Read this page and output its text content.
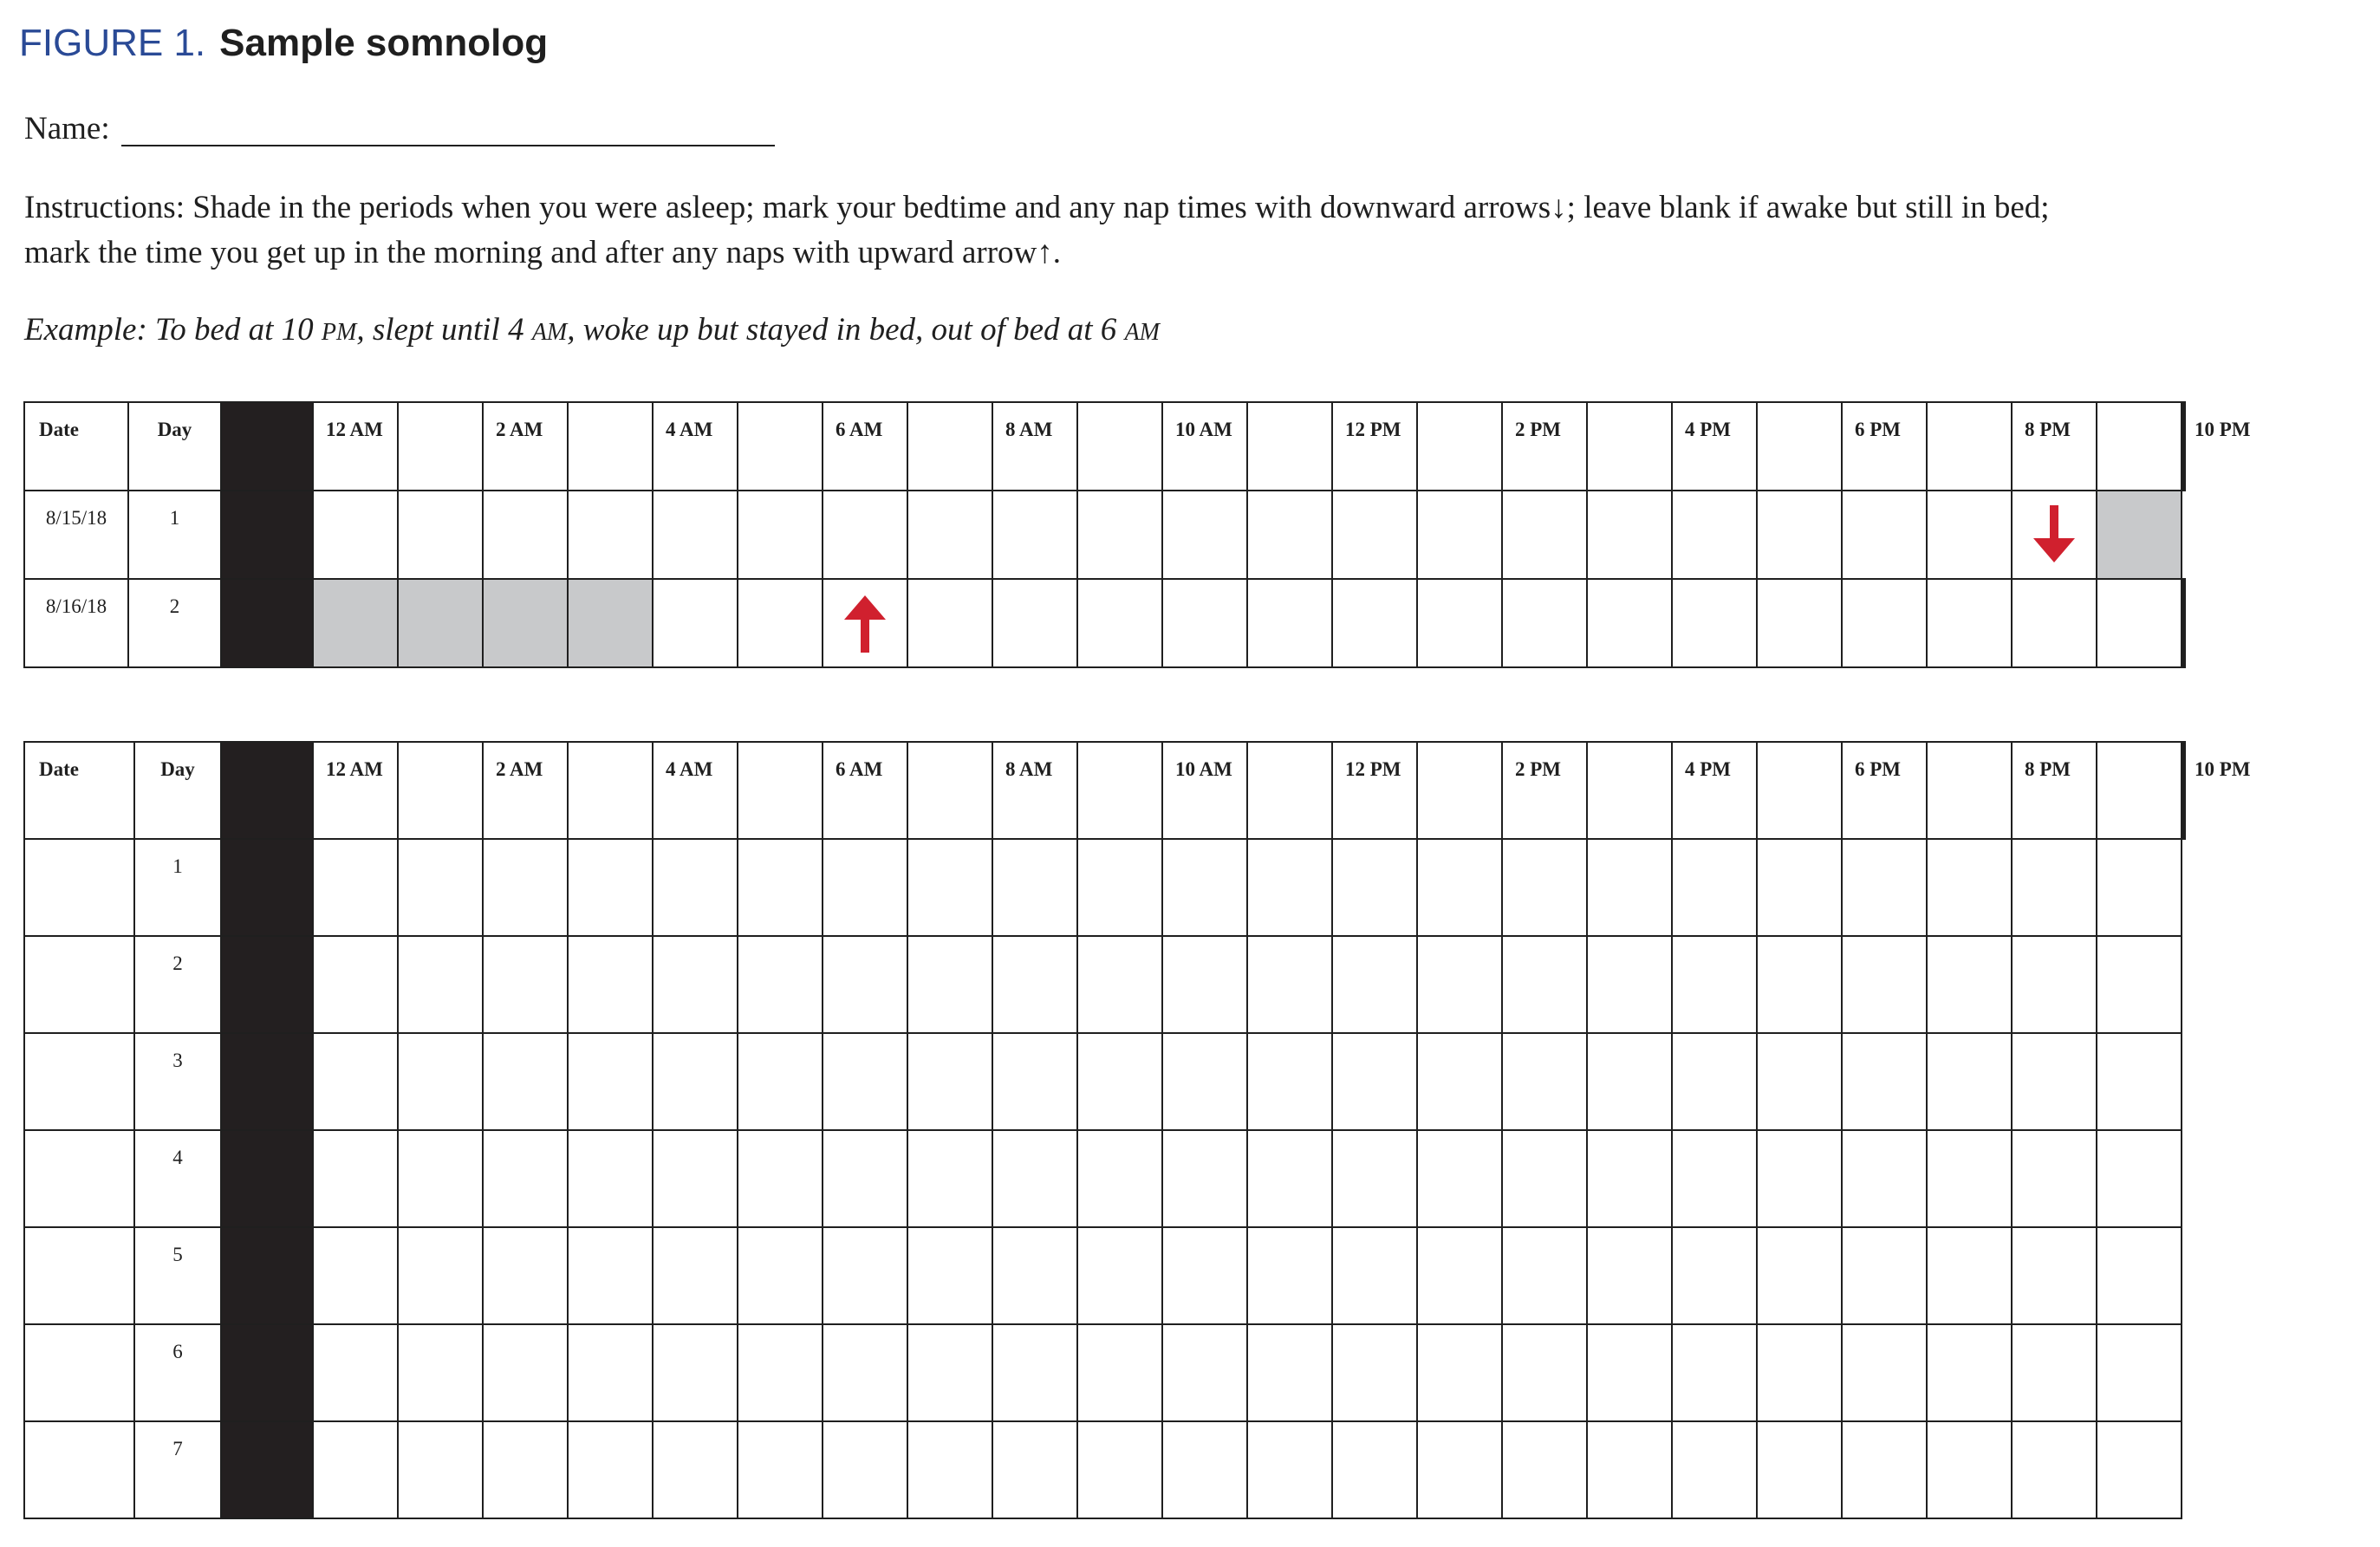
FIGURE 1. Sample somnolog
Name:
Instructions: Shade in the periods when you were asleep; mark your bedtime and any nap times with downward arrows↓; leave blank if awake but still in bed;
mark the time you get up in the morning and after any naps with upward arrow↑.
Example: To bed at 10 PM, slept until 4 AM, woke up but stayed in bed, out of bed at 6 AM
Date	Day		12 AM		2 AM		4 AM		6 AM		8 AM		10 AM		12 PM		2 PM		4 PM		6 PM		8 PM		10 PM	

8/15/18	1

8/16/18	2

Date	Day		12 AM		2 AM		4 AM		6 AM		8 AM		10 AM		12 PM		2 PM		4 PM		6 PM		8 PM		10 PM	

	1																									

	2																									

	3																									

	4																									

	5																									

	6																									

	7																									
